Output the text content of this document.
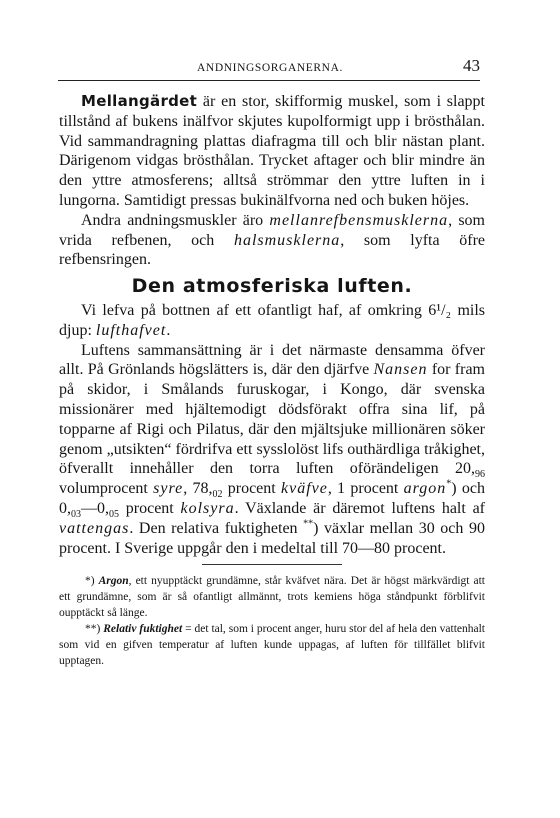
ANDNINGSORGANERNA.	43

Mellangärdet är en stor, skifformig muskel, som i slappt tillstånd af bukens inälfvor skjutes kupolformigt upp i brösthålan. Vid sammandragning plattas diafragma till och blir nästan plant. Därigenom vidgas brösthålan. Trycket aftager och blir mindre än den yttre atmosferens; alltså strömmar den yttre luften in i lungorna. Samtidigt pressas bukinälfvorna ned och buken höjes.

Andra andningsmuskler äro mellanrefbensmusklerna, som vrida refbenen, och halsmusklerna, som lyfta öfre refbensringen.

Den atmosferiska luften.

Vi lefva på bottnen af ett ofantligt haf, af omkring 6¹/₂ mils djup: lufthafvet.

Luftens sammansättning är i det närmaste densamma öfver allt. På Grönlands högslätters is, där den djärfve Nansen for fram på skidor, i Smålands furuskogar, i Kongo, där svenska missionärer med hjältemodigt dödsförakt offra sina lif, på topparne af Rigi och Pilatus, där den mjältsjuke millionären söker genom „utsikten“ fördrifva ett sysslolöst lifs outhärdliga tråkighet, öfverallt innehåller den torra luften oförändeligen $20,_{96}$ volumprocent syre, $78,_{02}$ procent kväfve, 1 procent argon*) och $0,_{03}—0,_{05}$ procent kolsyra. Växlande är däremot luftens halt af vattengas. Den relativa fuktigheten **) växlar mellan 30 och 90 procent. I Sverige uppgår den i medeltal till 70—80 procent.

*) Argon, ett nyupptäckt grundämne, står kväfvet nära. Det är högst märkvärdigt att ett grundämne, som är så ofantligt allmännt, trots kemiens höga ståndpunkt förblifvit oupptäckt så länge.

**) Relativ fuktighet = det tal, som i procent anger, huru stor del af hela den vattenhalt som vid en gifven temperatur af luften kunde uppagas, af luften för tillfället blifvit upptagen.
